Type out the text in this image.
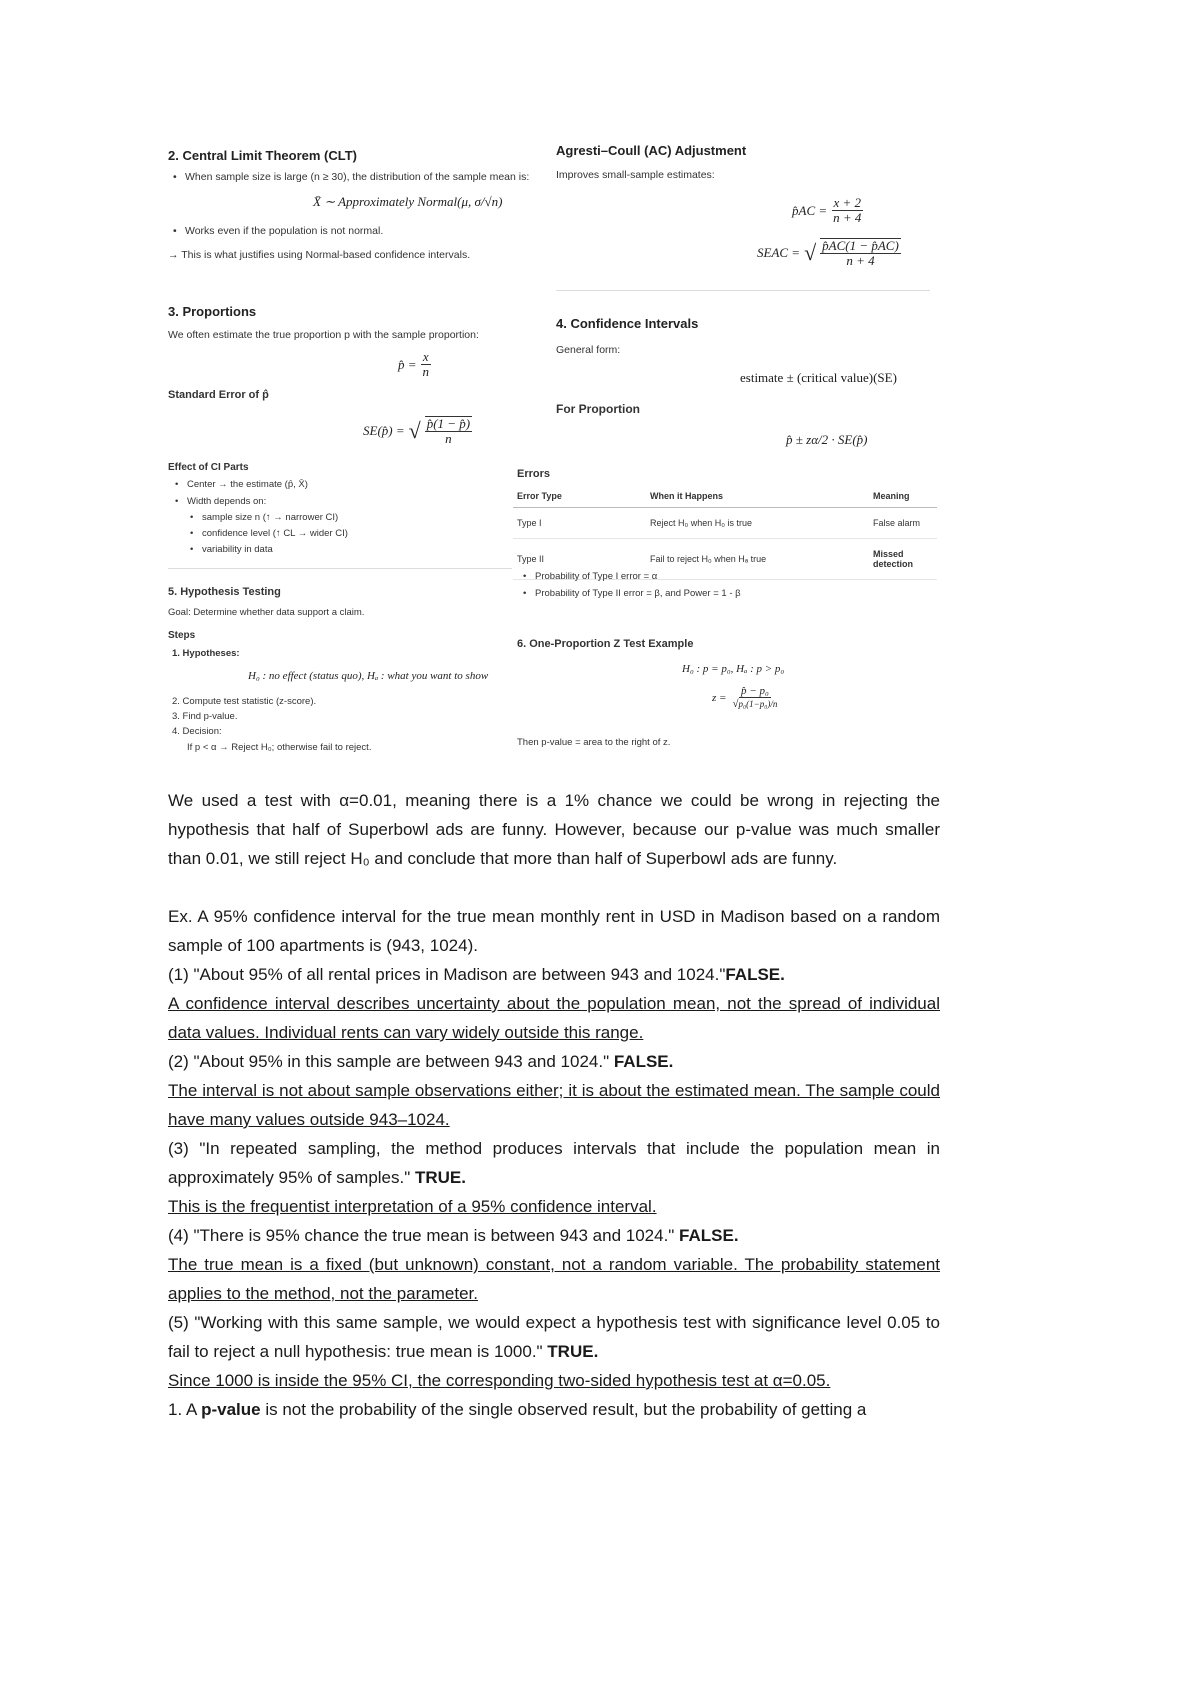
2. Central Limit Theorem (CLT)
• When sample size is large (n ≥ 30), the distribution of the sample mean is:
X̄ ∼ Approximately Normal(μ, σ/√n)
• Works even if the population is not normal.
→ This is what justifies using Normal-based confidence intervals.
Agresti–Coull (AC) Adjustment
Improves small-sample estimates:
p̂AC = $\frac{x + 2}{n + 4}$
SEAC = √ $\frac{p̂AC(1 - p̂AC)}{n + 4}$
3. Proportions
We often estimate the true proportion p with the sample proportion:
p̂ = $\frac{x}{n}$
Standard Error of p̂
SE(p̂) = √ $\frac{p̂(1 - p̂)}{n}$
4. Confidence Intervals
General form:
estimate ± (critical value)(SE)
For Proportion
p̂ ± zα/2 · SE(p̂)
Effect of CI Parts
• Center → the estimate (p̂, X̄)
• Width depends on:
• sample size n (↑ → narrower CI)
• confidence level (↑ CL → wider CI)
• variability in data
Errors
Error Type	When it Happens	Meaning
Type I	Reject H₀ when H₀ is true	False alarm
Type II	Fail to reject H₀ when Hₐ true	Missed detection
• Probability of Type I error = α
• Probability of Type II error = β, and Power = 1 - β
5. Hypothesis Testing
Goal: Determine whether data support a claim.
Steps
1. Hypotheses:
H₀ : no effect (status quo), Hₐ : what you want to show
2. Compute test statistic (z-score).
3. Find p-value.
4. Decision:
If p < α → Reject H₀; otherwise fail to reject.
6. One-Proportion Z Test Example
H₀ : p = p₀, Hₐ : p > p₀
$z = \frac{\text{p̂ − p₀}}{\text{√p₀(1−p₀)/n}}$
Then p-value = area to the right of z.

We used a test with α=0.01, meaning there is a 1% chance we could be wrong in rejecting the hypothesis that half of Superbowl ads are funny. However, because our p-value was much smaller than 0.01, we still reject H₀ and conclude that more than half of Superbowl ads are funny.

Ex. A 95% confidence interval for the true mean monthly rent in USD in Madison based on a random sample of 100 apartments is (943, 1024).

(1) "About 95% of all rental prices in Madison are between 943 and 1024."FALSE.

A confidence interval describes uncertainty about the population mean, not the spread of individual data values. Individual rents can vary widely outside this range.

(2) "About 95% in this sample are between 943 and 1024." FALSE.

The interval is not about sample observations either; it is about the estimated mean. The sample could have many values outside 943–1024.

(3) "In repeated sampling, the method produces intervals that include the population mean in approximately 95% of samples." TRUE.

This is the frequentist interpretation of a 95% confidence interval.

(4) "There is 95% chance the true mean is between 943 and 1024." FALSE.

The true mean is a fixed (but unknown) constant, not a random variable. The probability statement applies to the method, not the parameter.

(5) "Working with this same sample, we would expect a hypothesis test with significance level 0.05 to fail to reject a null hypothesis: true mean is 1000." TRUE.

Since 1000 is inside the 95% CI, the corresponding two-sided hypothesis test at α=0.05.

1. A p-value is not the probability of the single observed result, but the probability of getting a
